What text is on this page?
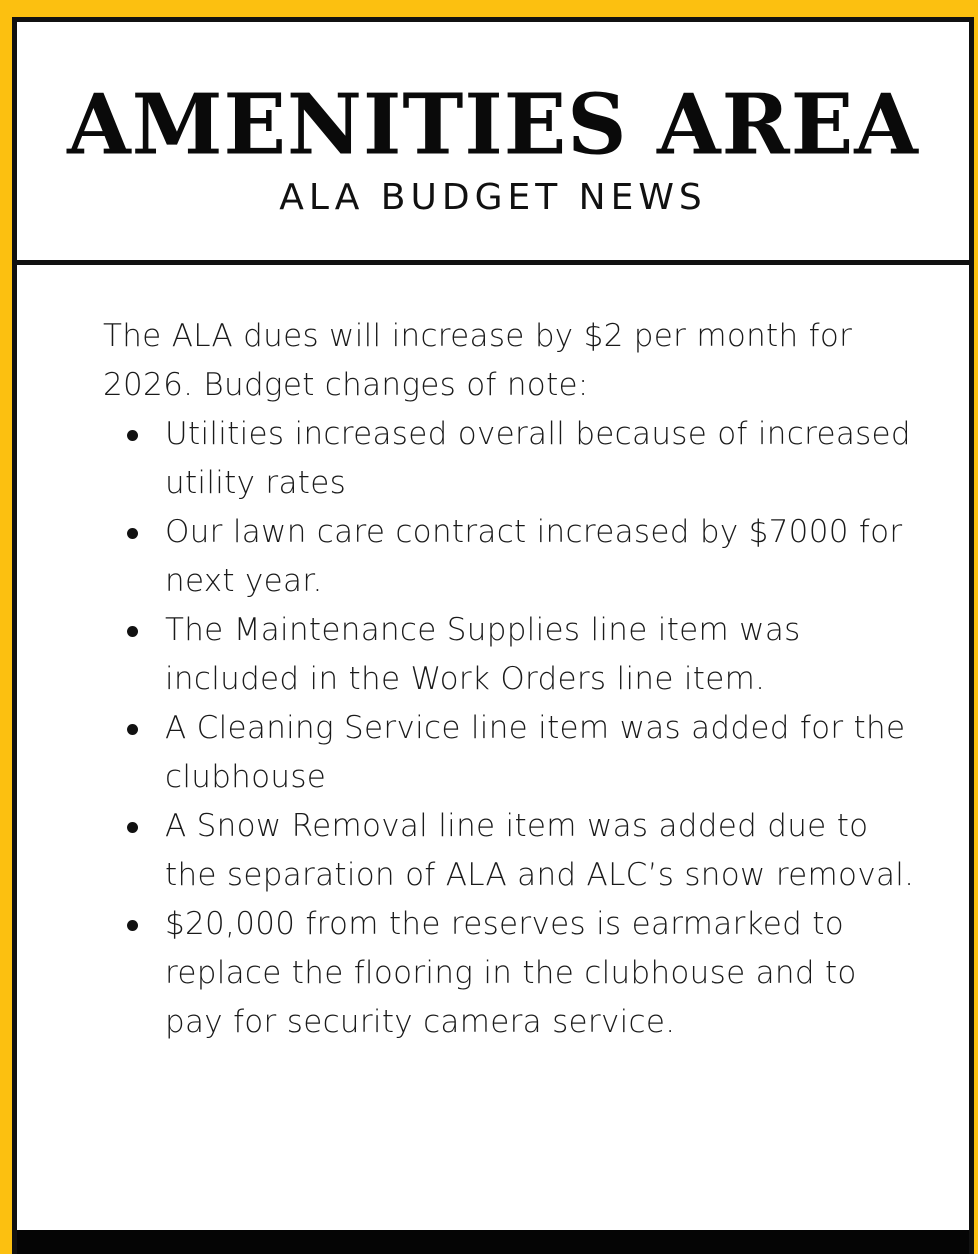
AMENITIES AREA
ALA BUDGET NEWS

The ALA dues will increase by $2 per month for 2026. Budget changes of note:

Utilities increased overall because of increased utility rates
Our lawn care contract increased by $7000 for next year.
The Maintenance Supplies line item was included in the Work Orders line item.
A Cleaning Service line item was added for the clubhouse
A Snow Removal line item was added due to the separation of ALA and ALC’s snow removal.
$20,000 from the reserves is earmarked to replace the flooring in the clubhouse and to pay for security camera service.
